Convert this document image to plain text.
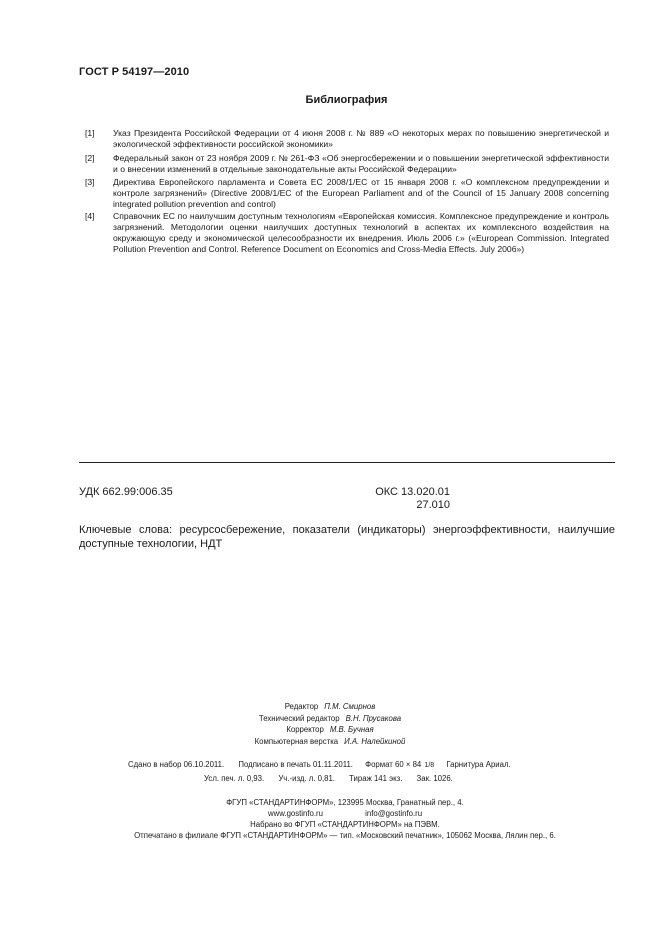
ГОСТ Р 54197—2010
Библиография
[1] Указ Президента Российской Федерации от 4 июня 2008 г. № 889 «О некоторых мерах по повышению энергетической и экологической эффективности российской экономики»
[2] Федеральный закон от 23 ноября 2009 г. № 261-ФЗ «Об энергосбережении и о повышении энергетической эффективности и о внесении изменений в отдельные законодательные акты Российской Федерации»
[3] Директива Европейского парламента и Совета ЕС 2008/1/ЕС от 15 января 2008 г. «О комплексном предупреждении и контроле загрязнений» (Directive 2008/1/EC of the European Parliament and of the Council of 15 January 2008 concerning integrated pollution prevention and control)
[4] Справочник ЕС по наилучшим доступным технологиям «Европейская комиссия. Комплексное предупреждение и контроль загрязнений. Методологии оценки наилучших доступных технологий в аспектах их комплексного воздействия на окружающую среду и экономической целесообразности их внедрения. Июль 2006 г.» («European Commission. Integrated Pollution Prevention and Control. Reference Document on Economics and Cross-Media Effects. July 2006»)
УДК 662.99:006.35	ОКС 13.020.01
27.010
Ключевые слова: ресурсосбережение, показатели (индикаторы) энергоэффективности, наилучшие доступные технологии, НДТ
Редактор П.М. Смирнов
Технический редактор В.Н. Прусакова
Корректор М.В. Бучная
Компьютерная верстка И.А. Налейкиной
Сдано в набор 06.10.2011. Подписано в печать 01.11.2011. Формат 60 × 84 1/8 Гарнитура Ариал.
Усл. печ. л. 0,93. Уч.-изд. л. 0,81. Тираж 141 экз. Зак. 1026.
ФГУП «СТАНДАРТИНФОРМ», 123995 Москва, Гранатный пер., 4.
www.gostinfo.ru	info@gostinfo.ru
Набрано во ФГУП «СТАНДАРТИНФОРМ» на ПЭВМ.
Отпечатано в филиале ФГУП «СТАНДАРТИНФОРМ» — тип. «Московский печатник», 105062 Москва, Лялин пер., 6.
